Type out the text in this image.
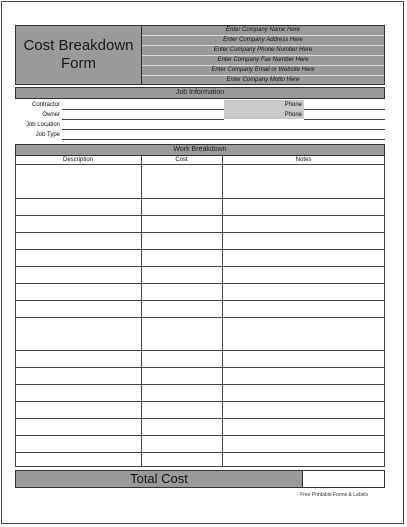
Cost Breakdown
Form
Enter Company Name Here
Enter Company Address Here
Enter Company Phone Number Here
Enter Company Fax Number Here
Enter Company Email or Website Here
Enter Company Motto Here
Job Information
Contractor
Owner
Job Location
Job Type
Phone
Phone
Work Breakdown
Description	Cost	Notes
Total Cost
Free Printable Forms & Labels
